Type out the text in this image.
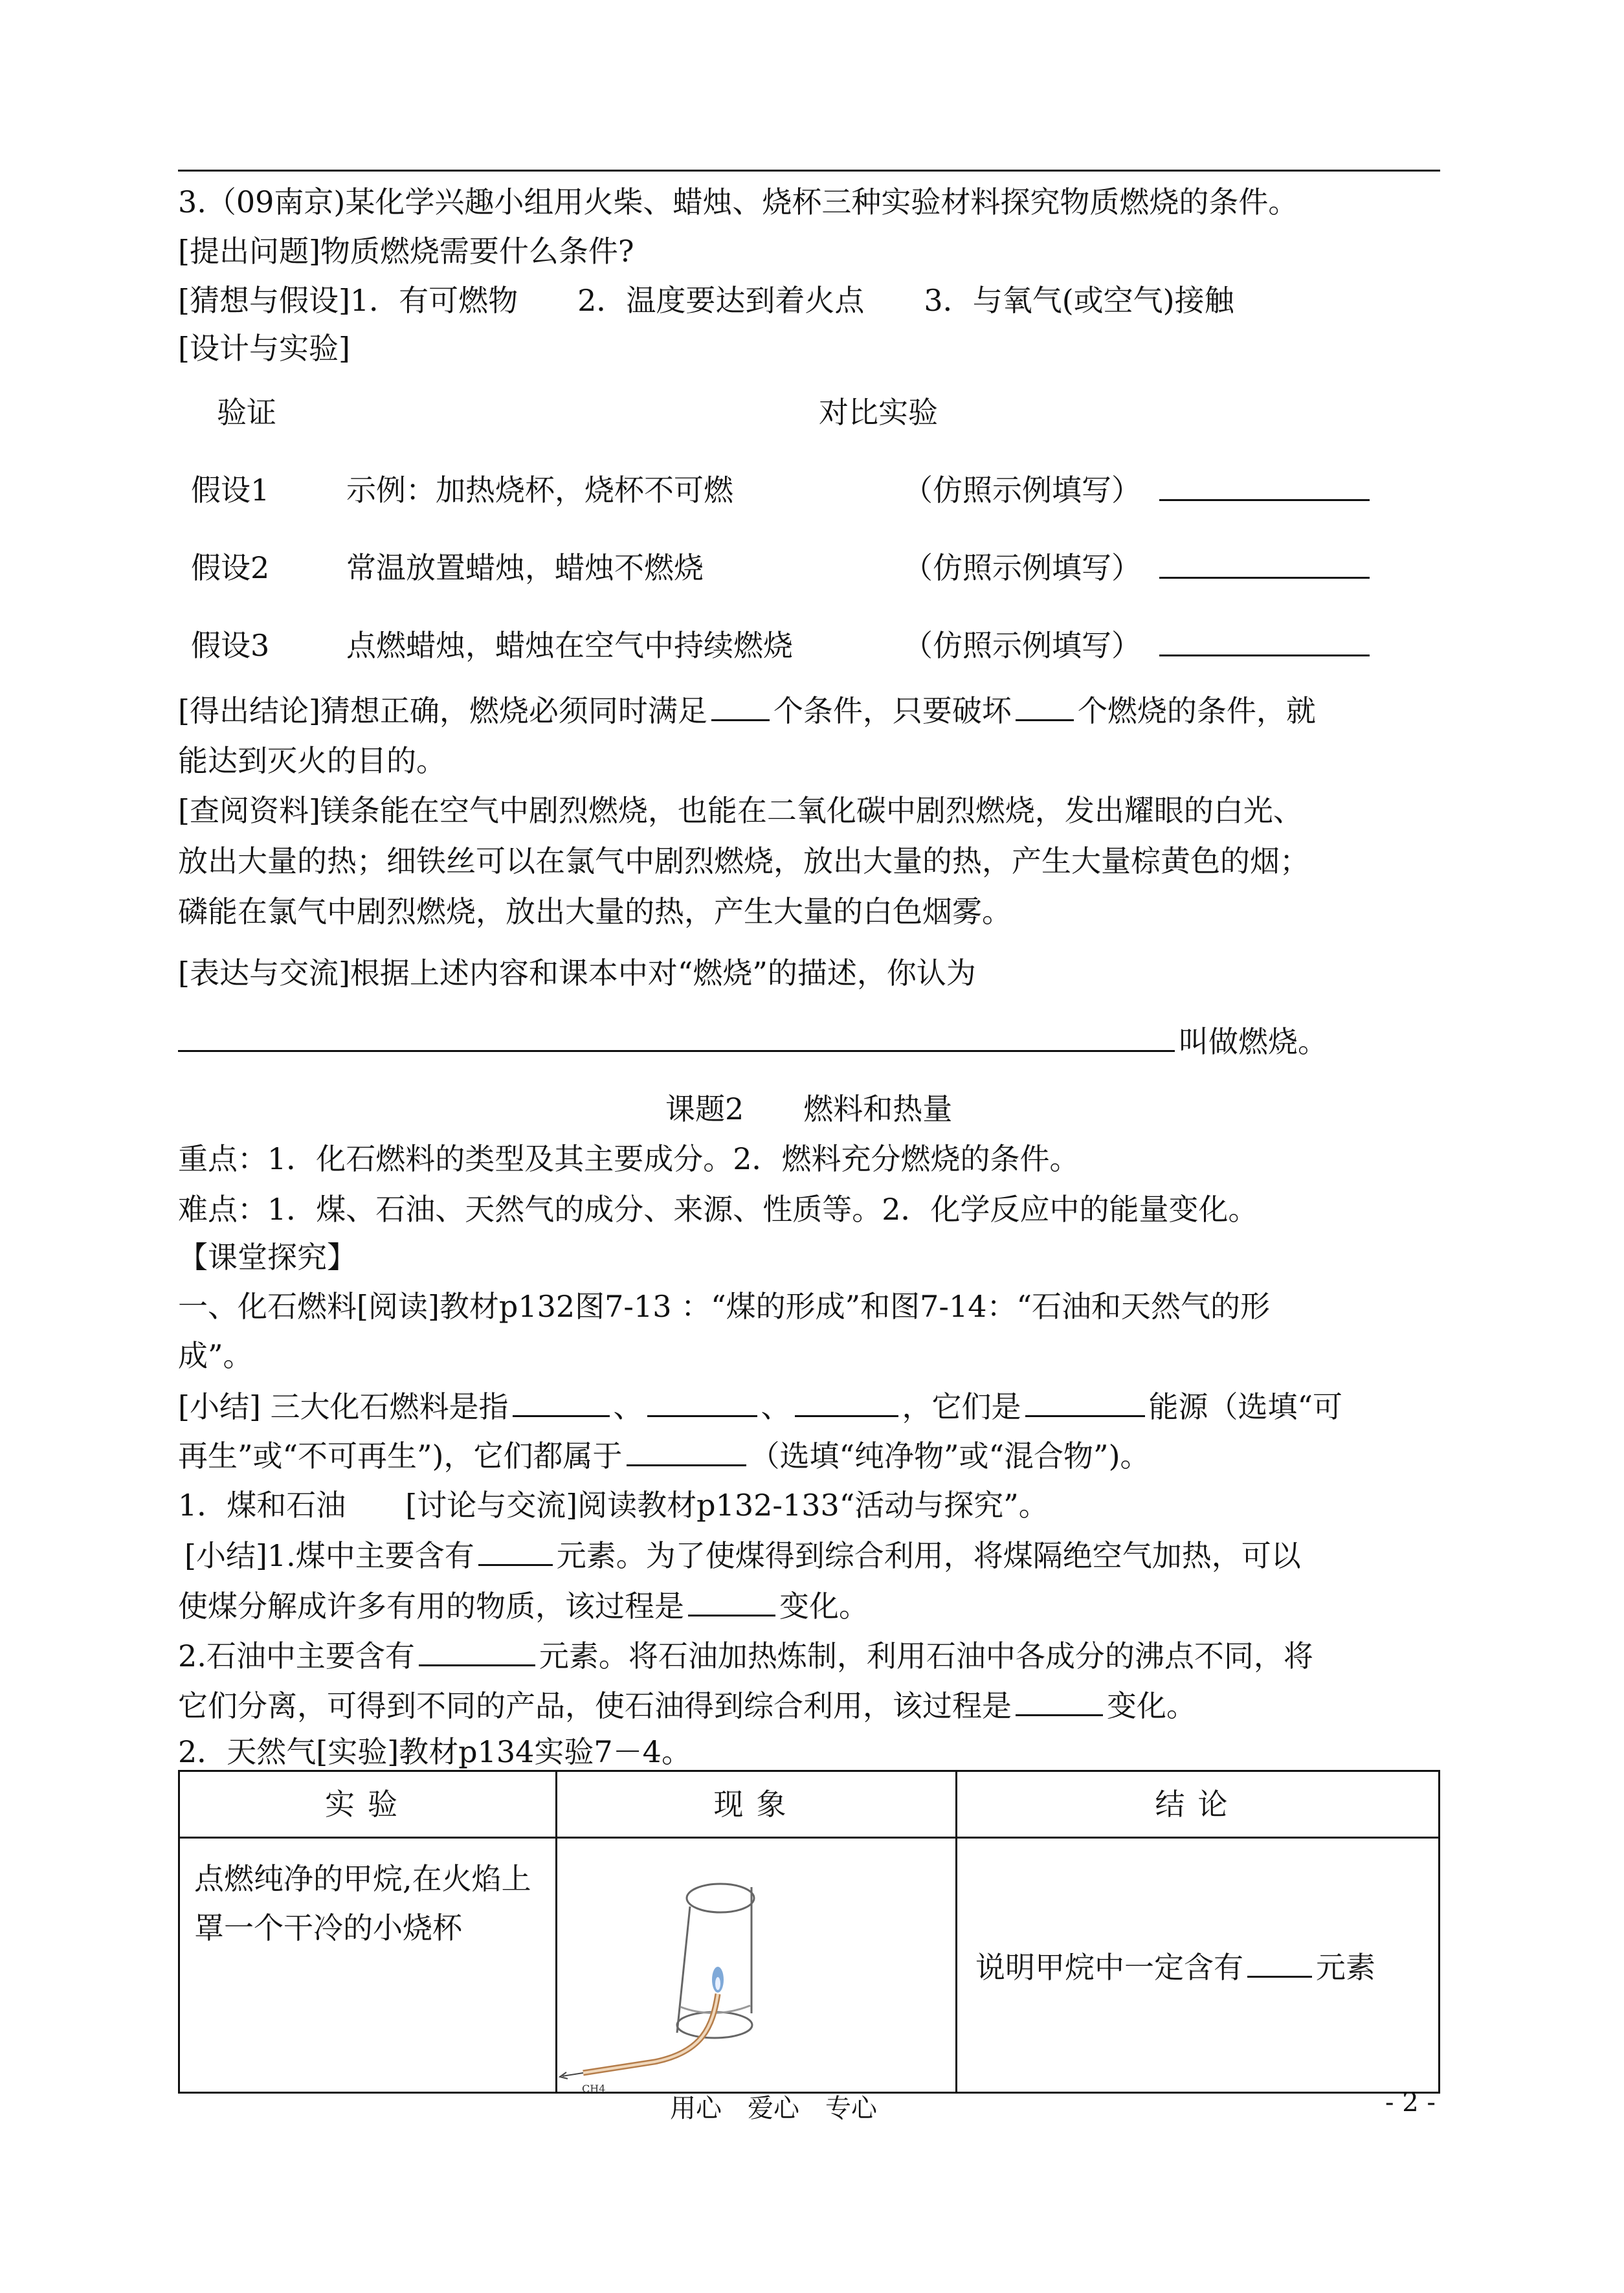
3.（09南京)某化学兴趣小组用火柴、蜡烛、烧杯三种实验材料探究物质燃烧的条件。
[提出问题]物质燃烧需要什么条件?
[猜想与假设]1．有可燃物　　2．温度要达到着火点　　3．与氧气(或空气)接触
[设计与实验]
验证	对比实验
假设1	示例：加热烧杯，烧杯不可燃	（仿照示例填写）
假设2	常温放置蜡烛，蜡烛不燃烧	（仿照示例填写）
假设3	点燃蜡烛，蜡烛在空气中持续燃烧	（仿照示例填写）
[得出结论]猜想正确，燃烧必须同时满足 个条件，只要破坏 个燃烧的条件，就
能达到灭火的目的。
[查阅资料]镁条能在空气中剧烈燃烧，也能在二氧化碳中剧烈燃烧，发出耀眼的白光、
放出大量的热；细铁丝可以在氯气中剧烈燃烧，放出大量的热，产生大量棕黄色的烟；
磷能在氯气中剧烈燃烧，放出大量的热，产生大量的白色烟雾。
[表达与交流]根据上述内容和课本中对“燃烧”的描述，你认为
叫做燃烧。
课题2　　燃料和热量
重点：1．化石燃料的类型及其主要成分。2．燃料充分燃烧的条件。
难点：1．煤、石油、天然气的成分、来源、性质等。2．化学反应中的能量变化。
【课堂探究】
一、化石燃料[阅读]教材p132图7-13 ：“煤的形成”和图7-14：“石油和天然气的形
成”。
[小结] 三大化石燃料是指	、	、	，它们是	能源（选填“可
再生”或“不可再生”)，它们都属于	（选填“纯净物”或“混合物”)。
1．煤和石油　　[讨论与交流]阅读教材p132-133“活动与探究”。
[小结]1.煤中主要含有	元素。为了使煤得到综合利用，将煤隔绝空气加热，可以
使煤分解成许多有用的物质，该过程是	变化。
2.石油中主要含有	元素。将石油加热炼制，利用石油中各成分的沸点不同，将
它们分离，可得到不同的产品，使石油得到综合利用，该过程是	变化。
2．天然气[实验]教材p134实验7－4。
实验	现象	结论
点燃纯净的甲烷,在火焰上罩一个干冷的小烧杯	CH4	说明甲烷中一定含有 元素
用心　爱心　专心	- 2 -
